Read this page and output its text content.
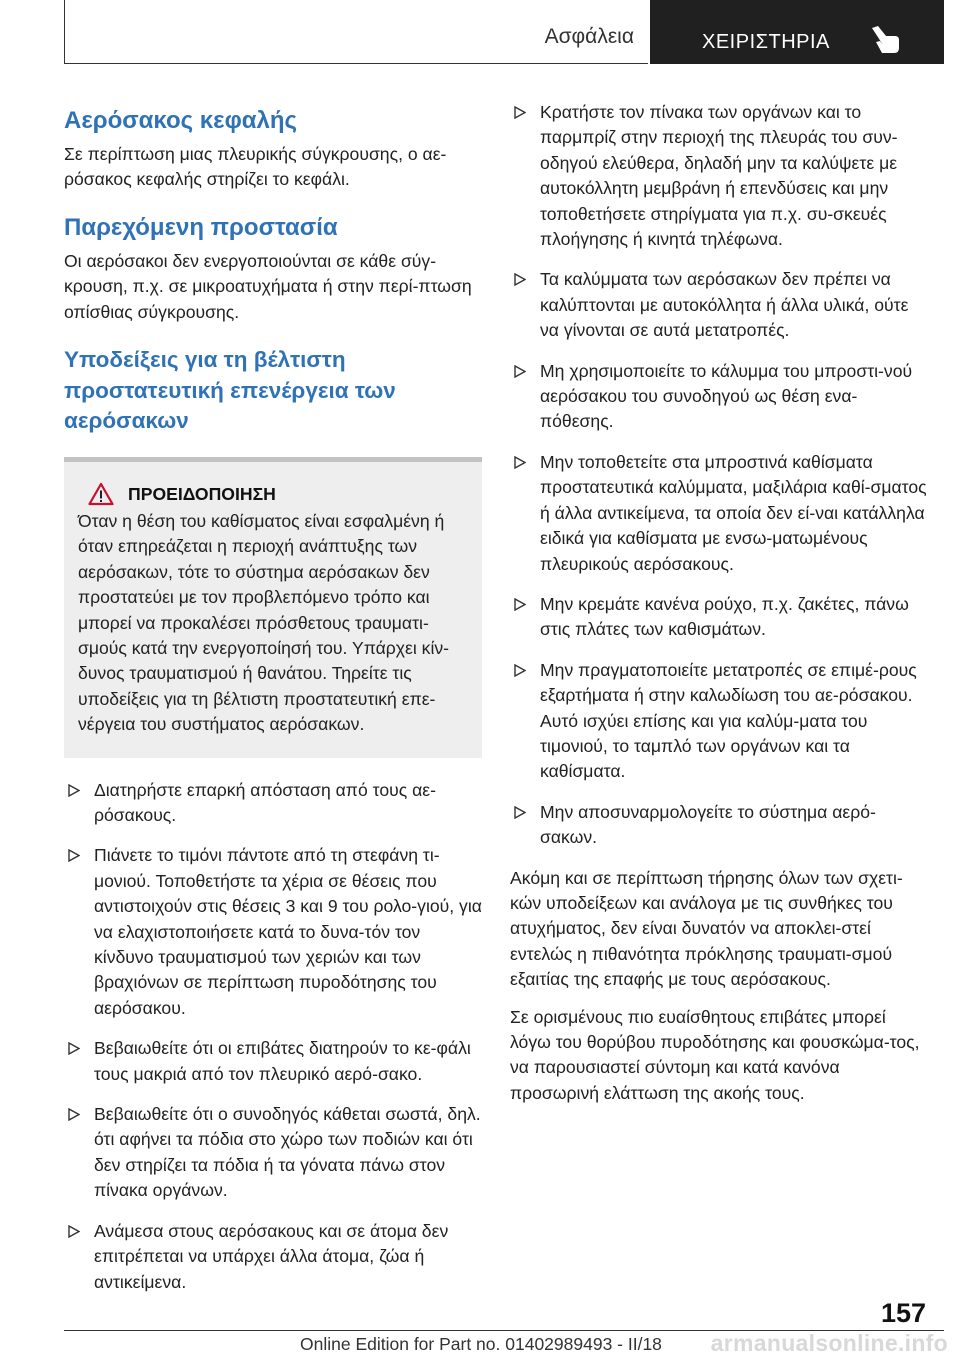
Ασφάλεια	ΧΕΙΡΙΣΤΗΡΙΑ
Αερόσακος κεφαλής

Σε περίπτωση μιας πλευρικής σύγκρουσης, ο αε-ρόσακος κεφαλής στηρίζει το κεφάλι.

Παρεχόμενη προστασία

Οι αερόσακοι δεν ενεργοποιούνται σε κάθε σύγ-κρουση, π.χ. σε μικροατυχήματα ή στην περί-πτωση οπίσθιας σύγκρουσης.

Υποδείξεις για τη βέλτιστη προστατευτική επενέργεια των αερόσακων
ΠΡΟΕΙΔΟΠΟΙΗΣΗ

Όταν η θέση του καθίσματος είναι εσφαλμένη ή όταν επηρεάζεται η περιοχή ανάπτυξης των αερόσακων, τότε το σύστημα αερόσακων δεν προστατεύει με τον προβλεπόμενο τρόπο και μπορεί να προκαλέσει πρόσθετους τραυματι-σμούς κατά την ενεργοποίησή του. Υπάρχει κίν-δυνος τραυματισμού ή θανάτου. Τηρείτε τις υποδείξεις για τη βέλτιστη προστατευτική επε-νέργεια του συστήματος αερόσακων.

Διατηρήστε επαρκή απόσταση από τους αε-ρόσακους.
Πιάνετε το τιμόνι πάντοτε από τη στεφάνη τι-μονιού. Τοποθετήστε τα χέρια σε θέσεις που αντιστοιχούν στις θέσεις 3 και 9 του ρολο-γιού, για να ελαχιστοποιήσετε κατά το δυνα-τόν τον κίνδυνο τραυματισμού των χεριών και των βραχιόνων σε περίπτωση πυροδότησης του αερόσακου.
Βεβαιωθείτε ότι οι επιβάτες διατηρούν το κε-φάλι τους μακριά από τον πλευρικό αερό-σακο.
Βεβαιωθείτε ότι ο συνοδηγός κάθεται σωστά, δηλ. ότι αφήνει τα πόδια στο χώρο των ποδιών και ότι δεν στηρίζει τα πόδια ή τα γόνατα πάνω στον πίνακα οργάνων.
Ανάμεσα στους αερόσακους και σε άτομα δεν επιτρέπεται να υπάρχει άλλα άτομα, ζώα ή αντικείμενα.
Κρατήστε τον πίνακα των οργάνων και το παρμπρίζ στην περιοχή της πλευράς του συν-οδηγού ελεύθερα, δηλαδή μην τα καλύψετε με αυτοκόλλητη μεμβράνη ή επενδύσεις και μην τοποθετήσετε στηρίγματα για π.χ. συ-σκευές πλοήγησης ή κινητά τηλέφωνα.
Τα καλύμματα των αερόσακων δεν πρέπει να καλύπτονται με αυτοκόλλητα ή άλλα υλικά, ούτε να γίνονται σε αυτά μετατροπές.
Μη χρησιμοποιείτε το κάλυμμα του μπροστι-νού αερόσακου του συνοδηγού ως θέση ενα-πόθεσης.
Μην τοποθετείτε στα μπροστινά καθίσματα προστατευτικά καλύμματα, μαξιλάρια καθί-σματος ή άλλα αντικείμενα, τα οποία δεν εί-ναι κατάλληλα ειδικά για καθίσματα με ενσω-ματωμένους πλευρικούς αερόσακους.
Μην κρεμάτε κανένα ρούχο, π.χ. ζακέτες, πάνω στις πλάτες των καθισμάτων.
Μην πραγματοποιείτε μετατροπές σε επιμέ-ρους εξαρτήματα ή στην καλωδίωση του αε-ρόσακου. Αυτό ισχύει επίσης και για καλύμ-ματα του τιμονιού, το ταμπλό των οργάνων και τα καθίσματα.
Μην αποσυναρμολογείτε το σύστημα αερό-σακων.

Ακόμη και σε περίπτωση τήρησης όλων των σχετι-κών υποδείξεων και ανάλογα με τις συνθήκες του ατυχήματος, δεν είναι δυνατόν να αποκλει-στεί εντελώς η πιθανότητα πρόκλησης τραυματι-σμού εξαιτίας της επαφής με τους αερόσακους.

Σε ορισμένους πιο ευαίσθητους επιβάτες μπορεί λόγω του θορύβου πυροδότησης και φουσκώμα-τος, να παρουσιαστεί σύντομη και κατά κανόνα προσωρινή ελάττωση της ακοής τους.

157
Online Edition for Part no. 01402989493 - II/18 armanualsonline.info
